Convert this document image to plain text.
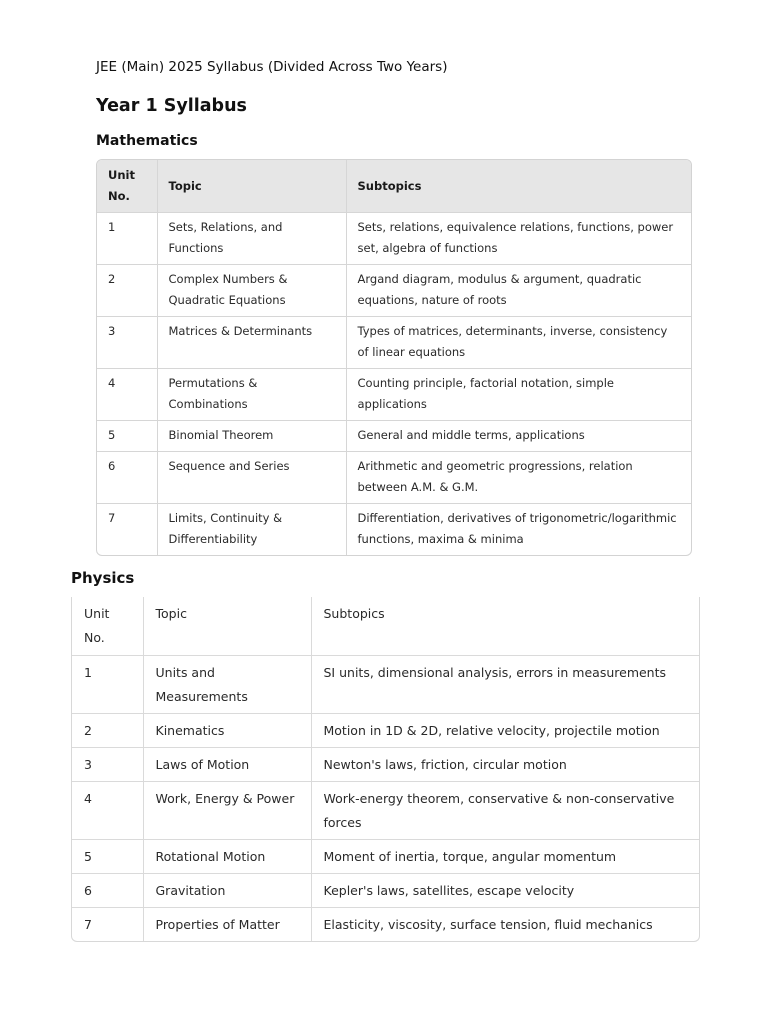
JEE (Main) 2025 Syllabus (Divided Across Two Years)
Year 1 Syllabus
Mathematics
Unit No.	Topic	Subtopics
1	Sets, Relations, and Functions	Sets, relations, equivalence relations, functions, power set, algebra of functions
2	Complex Numbers & Quadratic Equations	Argand diagram, modulus & argument, quadratic equations, nature of roots
3	Matrices & Determinants	Types of matrices, determinants, inverse, consistency of linear equations
4	Permutations & Combinations	Counting principle, factorial notation, simple applications
5	Binomial Theorem	General and middle terms, applications
6	Sequence and Series	Arithmetic and geometric progressions, relation between A.M. & G.M.
7	Limits, Continuity & Differentiability	Differentiation, derivatives of trigonometric/logarithmic functions, maxima & minima
Physics
Unit No.	Topic	Subtopics
1	Units and Measurements	SI units, dimensional analysis, errors in measurements
2	Kinematics	Motion in 1D & 2D, relative velocity, projectile motion
3	Laws of Motion	Newton's laws, friction, circular motion
4	Work, Energy & Power	Work-energy theorem, conservative & non-conservative forces
5	Rotational Motion	Moment of inertia, torque, angular momentum
6	Gravitation	Kepler's laws, satellites, escape velocity
7	Properties of Matter	Elasticity, viscosity, surface tension, fluid mechanics
